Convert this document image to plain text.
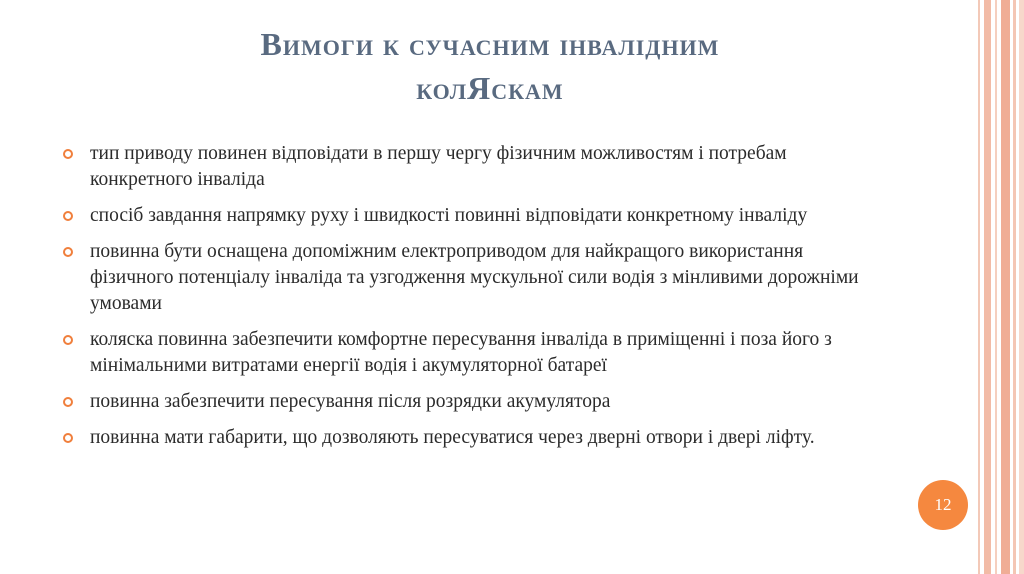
Вимоги к сучасним інвалідним
колЯскам
тип приводу повинен відповідати в першу чергу фізичним можливостям і потребам конкретного інваліда
спосіб завдання напрямку руху і швидкості повинні відповідати конкретному інваліду
повинна бути оснащена допоміжним електроприводом для найкращого використання фізичного потенціалу інваліда та узгодження мускульної сили водія з мінливими дорожніми умовами
коляска повинна забезпечити комфортне пересування інваліда в приміщенні і поза його з мінімальними витратами енергії водія і акумуляторної батареї
повинна забезпечити пересування після розрядки акумулятора
повинна мати габарити, що дозволяють пересуватися через дверні отвори і двері ліфту.
12
